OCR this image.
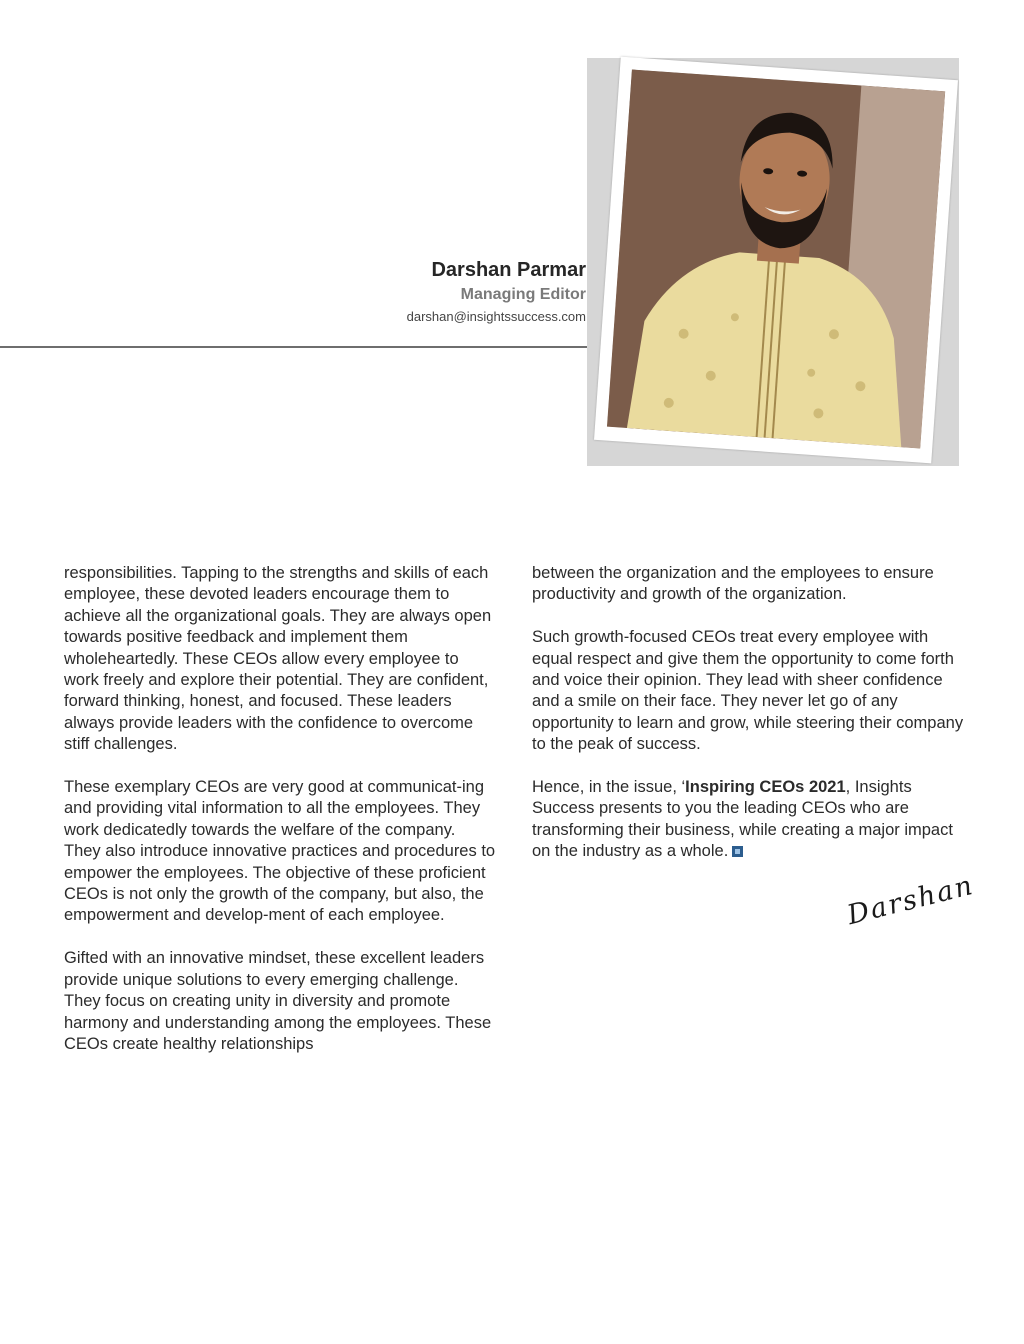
Darshan Parmar
Managing Editor
darshan@insightssuccess.com

responsibilities. Tapping to the strengths and skills of each employee, these devoted leaders encourage them to achieve all the organizational goals. They are always open towards positive feedback and implement them wholeheartedly. These CEOs allow every employee to work freely and explore their potential. They are confident, forward thinking, honest, and focused. These leaders always provide leaders with the confidence to overcome stiff challenges.

These exemplary CEOs are very good at communicat-ing and providing vital information to all the employees. They work dedicatedly towards the welfare of the company. They also introduce innovative practices and procedures to empower the employees. The objective of these proficient CEOs is not only the growth of the company, but also, the empowerment and develop-ment of each employee.

Gifted with an innovative mindset, these excellent leaders provide unique solutions to every emerging challenge. They focus on creating unity in diversity and promote harmony and understanding among the employees. These CEOs create healthy relationships

between the organization and the employees to ensure productivity and growth of the organization.

Such growth-focused CEOs treat every employee with equal respect and give them the opportunity to come forth and voice their opinion. They lead with sheer confidence and a smile on their face. They never let go of any opportunity to learn and grow, while steering their company to the peak of success.

Hence, in the issue, ‘Inspiring CEOs 2021, Insights Success presents to you the leading CEOs who are transforming their business, while creating a major impact on the industry as a whole.

Darshan
